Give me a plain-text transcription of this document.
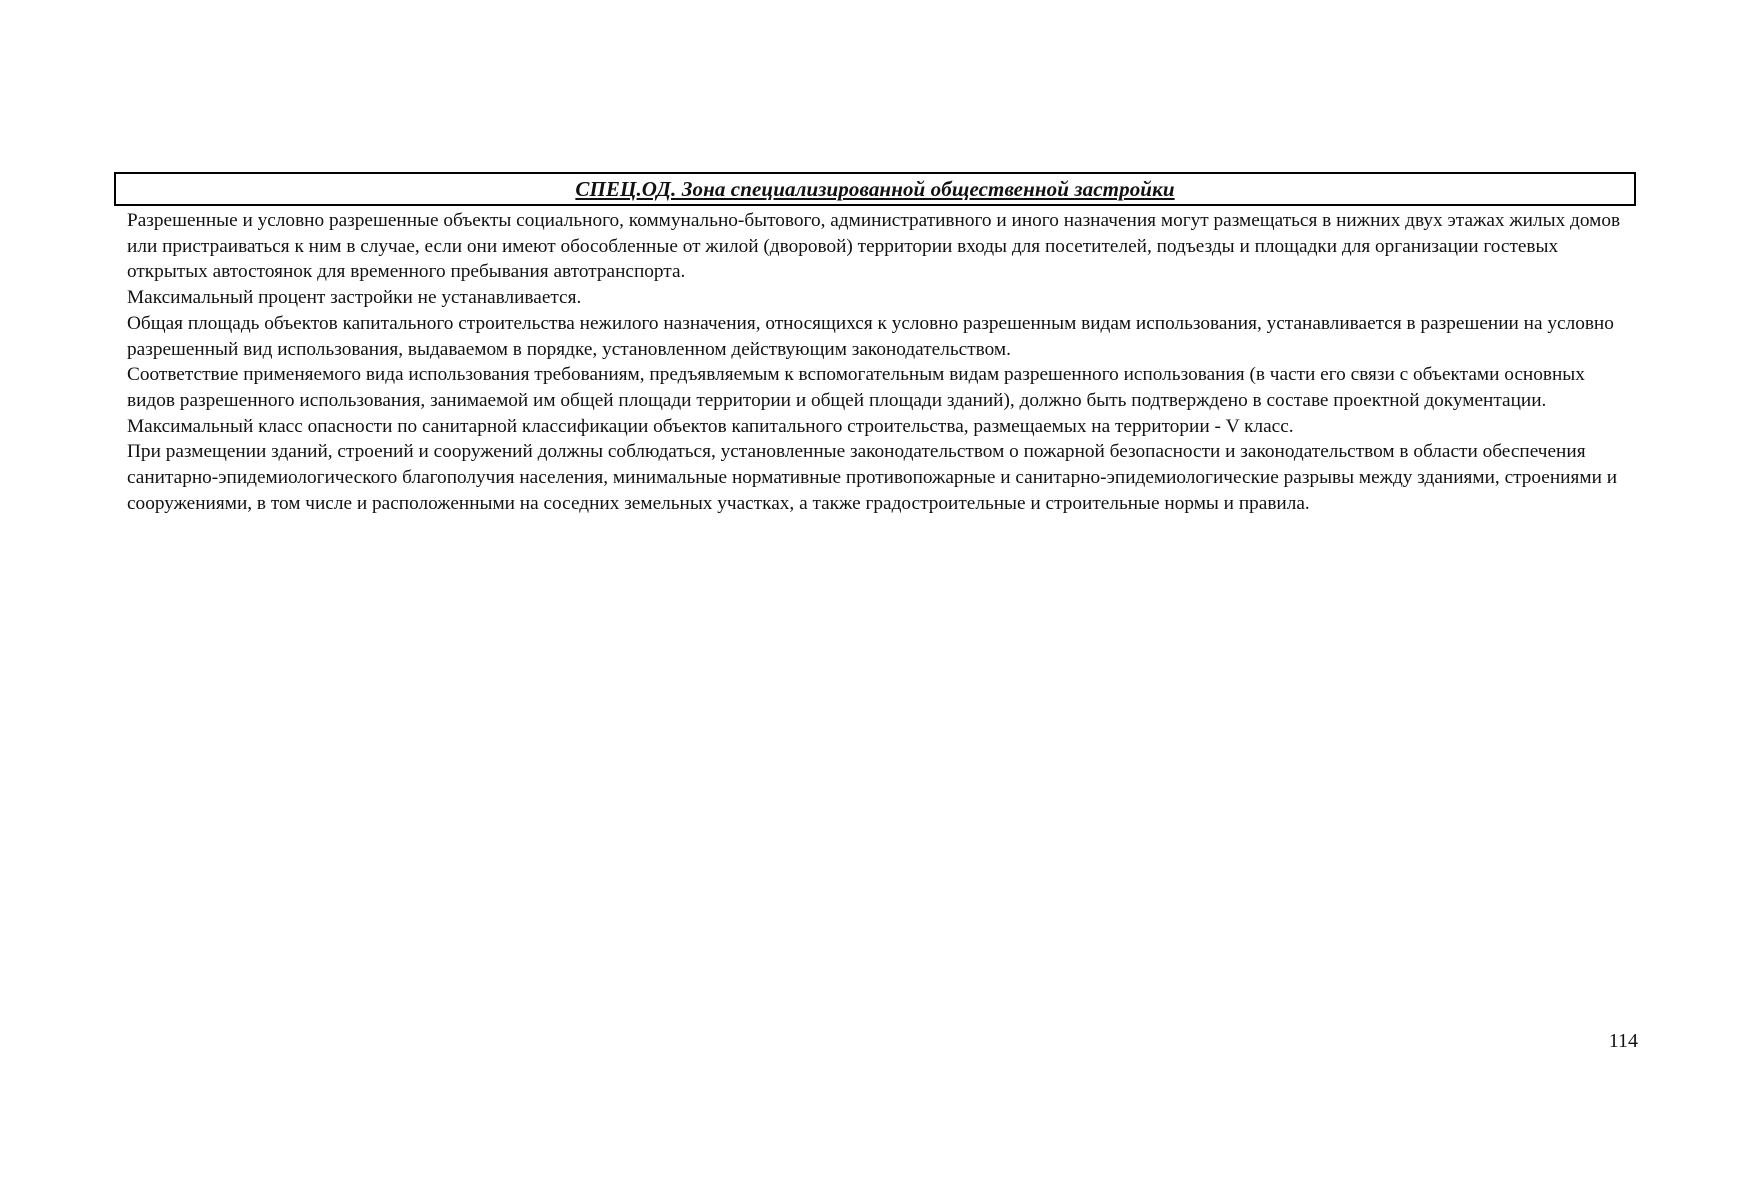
СПЕЦ.ОД. Зона специализированной общественной застройки

Разрешенные и условно разрешенные объекты социального, коммунально-бытового, административного и иного назначения могут размещаться в нижних двух этажах жилых домов или пристраиваться к ним в случае, если они имеют обособленные от жилой (дворовой) территории входы для посетителей, подъезды и площадки для организации гостевых открытых автостоянок для временного пребывания автотранспорта.

Максимальный процент застройки не устанавливается.

Общая площадь объектов капитального строительства нежилого назначения, относящихся к условно разрешенным видам использования, устанавливается в разрешении на условно разрешенный вид использования, выдаваемом в порядке, установленном действующим законодательством.

Соответствие применяемого вида использования требованиям, предъявляемым к вспомогательным видам разрешенного использования (в части его связи с объектами основных видов разрешенного использования, занимаемой им общей площади территории и общей площади зданий), должно быть подтверждено в составе проектной документации.

Максимальный класс опасности по санитарной классификации объектов капитального строительства, размещаемых на территории - V класс.

При размещении зданий, строений и сооружений должны соблюдаться, установленные законодательством о пожарной безопасности и законодательством в области обеспечения санитарно-эпидемиологического благополучия населения, минимальные нормативные противопожарные и санитарно-эпидемиологические разрывы между зданиями, строениями и сооружениями, в том числе и расположенными на соседних земельных участках, а также градостроительные и строительные нормы и правила.

114
